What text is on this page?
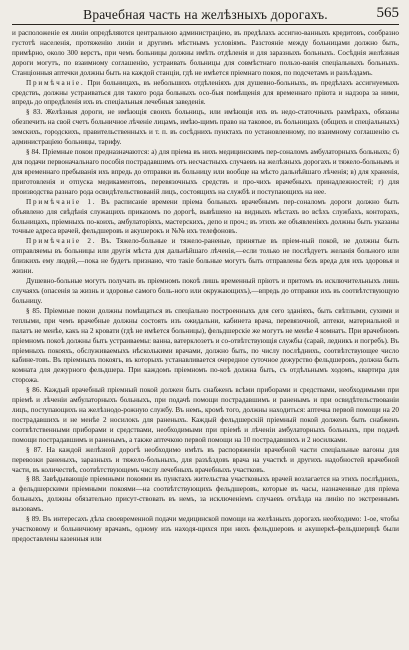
Врачебная часть на желѣзныхъ дорогахъ.	565

и расположенiе ея линiи опредѣляются центральною администрацiею, въ предѣлахъ ассигно-ванныхъ кредитовъ, сообразно густотѣ населенiя, протяженiю линiи и другимъ мѣстнымъ условiямъ. Разстоянiе между больницами должно быть, примѣрно, около 300 верстъ, при чемъ больницы должны имѣть отдѣленiя и для заразныхъ больныхъ. Сосѣднiя желѣзныя дороги могутъ, по взаимному соглашенiю, устраивать больницы для совмѣстнаго пользо-ванiя спецiальныхъ больныхъ. Станцiонныя аптечки должны быть на каждой станцiи, гдѣ не имѣется прiемнаго покоя, по подсчетамъ и разъѣздамъ.

Примѣчанiе. При больницахъ, въ небольшихъ отдѣленiяхъ для душевно-больныхъ, въ предѣлахъ ассигнуемыхъ средствъ, должны устраиваться для такого рода больныхъ осо-быя помѣщенiя для временнаго прiюта и надзора за ними, впредь до опредѣленiя ихъ въ спецiальныя лечебныя заведенiя.

§ 83. Желѣзныя дороги, не имѣющiя своихъ больницъ, или имѣющiя ихъ въ недо-статочныхъ размѣрахъ, обязаны обезпечить на свой счетъ больничное лѣченiе лицамъ, имѣю-щимъ право на таковое, въ больницахъ (общихъ и спецiальныхъ) земскихъ, городскихъ, правительственныхъ и т. п. въ сосѣднихъ пунктахъ по установленному, по взаимному соглашенiю съ администрацiею больницы, тарифу.

§ 84. Прiемные покои предназначаются: а) для прiема въ нихъ медицинскимъ пер-соналомъ амбулаторныхъ больныхъ; б) для подачи первоначальнаго пособiя пострадавшимъ отъ несчастныхъ случаевъ на желѣзныхъ дорогахъ и тяжело-больнымъ и для временнаго пребыванiя ихъ впредь до отправки въ больницу или вообще на мѣсто дальнѣйшаго лѣченiя; в) для храненiя, приготовленiя и отпуска медикаментовъ, перевязочныхъ средствъ и про-чихъ врачебныхъ принадлежностей; г) для производства разнаго рода освидѣтельствованiй лицъ, состоящихъ на службѣ и поступающихъ на нее.

Примѣчанiе 1. Въ расписанiе времени прiема больныхъ врачебнымъ пер-соналомъ дороги должно быть объявлено для свѣдѣнiя служащихъ приказомъ по дорогѣ, вывѣшено на видныхъ мѣстахъ во всѣхъ службахъ, конторахъ, больницахъ, прiемныхъ по-коихъ, амбулаторiяхъ, мастерскихъ, депо и проч.; въ этихъ же объявленiяхъ должны быть указаны точные адреса врачей, фельдшеровъ и акушерокъ и №№ ихъ телефоновъ.

Примѣчанiе 2. Въ. Тяжело-больные и тяжело-раненые, принятые въ прiем-ный покой, не должны быть отправляемы въ больницы или другiя мѣста для дальнѣйшаго лѣченiя,—если только не послѣдуетъ желанiя больного или близкихъ ему людей,—пока не будетъ признано, что такiе больные могутъ быть отправлены безъ вреда для ихъ здоровья и жизни.

Душевно-больные могутъ получать въ прiемномъ покоѣ лишь временный прiютъ и притомъ въ исключительныхъ лишь случаяхъ (опасенiя за жизнь и здоровье самого боль-ного или окружающихъ),—впредь до отправки ихъ въ соотвѣтствующую больницу.

§ 85. Прiемные покои должны помѣщаться въ спецiально построенныхъ для сего зданiяхъ, быть свѣтлыми, сухими и теплыми, при чемъ врачебные должны состоять изъ ожидальни, кабинета врача, перевязочной, аптеки, материальной и палатъ не менѣе, какъ на 2 кровати (гдѣ не имѣется больницы), фельдшерскiе же могутъ не менѣе 4 комнатъ. При врачебномъ прiемномъ покоѣ должны быть устраиваемы: ванна, ватерклозетъ и со-отвѣтствующiя службы (сарай, ледникъ и погребъ). Въ прiемныхъ покояхъ, обслуживаемыхъ нѣсколькими врачами, должно быть, по числу послѣднихъ, соотвѣтствующее число кабине-товъ. Въ прiемныхъ покоягь, въ которыхъ устанавливается очередное суточное дежурство фельдшеровъ, должна быть комната для дежурного фельдшера. При каждомъ прiемномъ по-коѣ должна быть, съ отдѣльнымъ ходомъ, квартира для сторожа.

§ 86. Каждый врачебный прiемный покой должен быть снабженъ всѣми приборами и средствами, необходимыми при прiемѣ и лѣченiи амбулаторныхъ больныхъ, при подачѣ помощи пострадавшимъ и раненымъ и при освидѣтельствованiи лицъ, поступающихъ на желѣзнодо-рожную службу. Въ немъ, кромѣ того, должны находиться: аптечка первой помощи на 20 пострадавшихъ и не менѣе 2 носилокъ для раненыхъ. Каждый фельдшерскiй прiемный покой долженъ быть снабженъ соотвѣтственными приборами и средствами, необходимыми при прiемѣ и лѣченiи амбулаторныхъ больныхъ, при подачѣ помощи пострадавшимъ и раненымъ, а также аптечкою первой помощи на 10 пострадавшихъ и 2 носилками.

§ 87. На каждой желѣзной дорогѣ необходимо имѣть въ распоряженiи врачебной части спецiальные вагоны для перевозки раненыхъ, заразныхъ и тяжело-больныхъ, для разъѣздовъ врача на участкѣ и другихъ надобностей врачебной части, въ количествѣ, соотвѣтствующемъ числу лечебныхъ врачебныхъ участковъ.

§ 88. Завѣдывающiе прiемными покоями въ пунктахъ жительства участковыхъ врачей возлагается на этихъ послѣднихъ, а фельдшерскими прiемными покоями—на соотвѣтствующихъ фельдшеровъ, которые въ часы, назначенные для прiема больныхъ, должны обязательно присут-ствовать въ немъ, за исключенiемъ случаевъ отъѣзда на линiю по экстреннымъ вызовамъ.

§ 89. Въ интересахъ дѣла своевременной подачи медицинской помощи на желѣзныхъ дорогахъ необходимо: 1-ое, чтобы участковому и больничному врачамъ, одному изъ находя-щихся при нихъ фельдшеровъ и акушеркѣ-фельдшерицѣ были предоставлены казенныя или
